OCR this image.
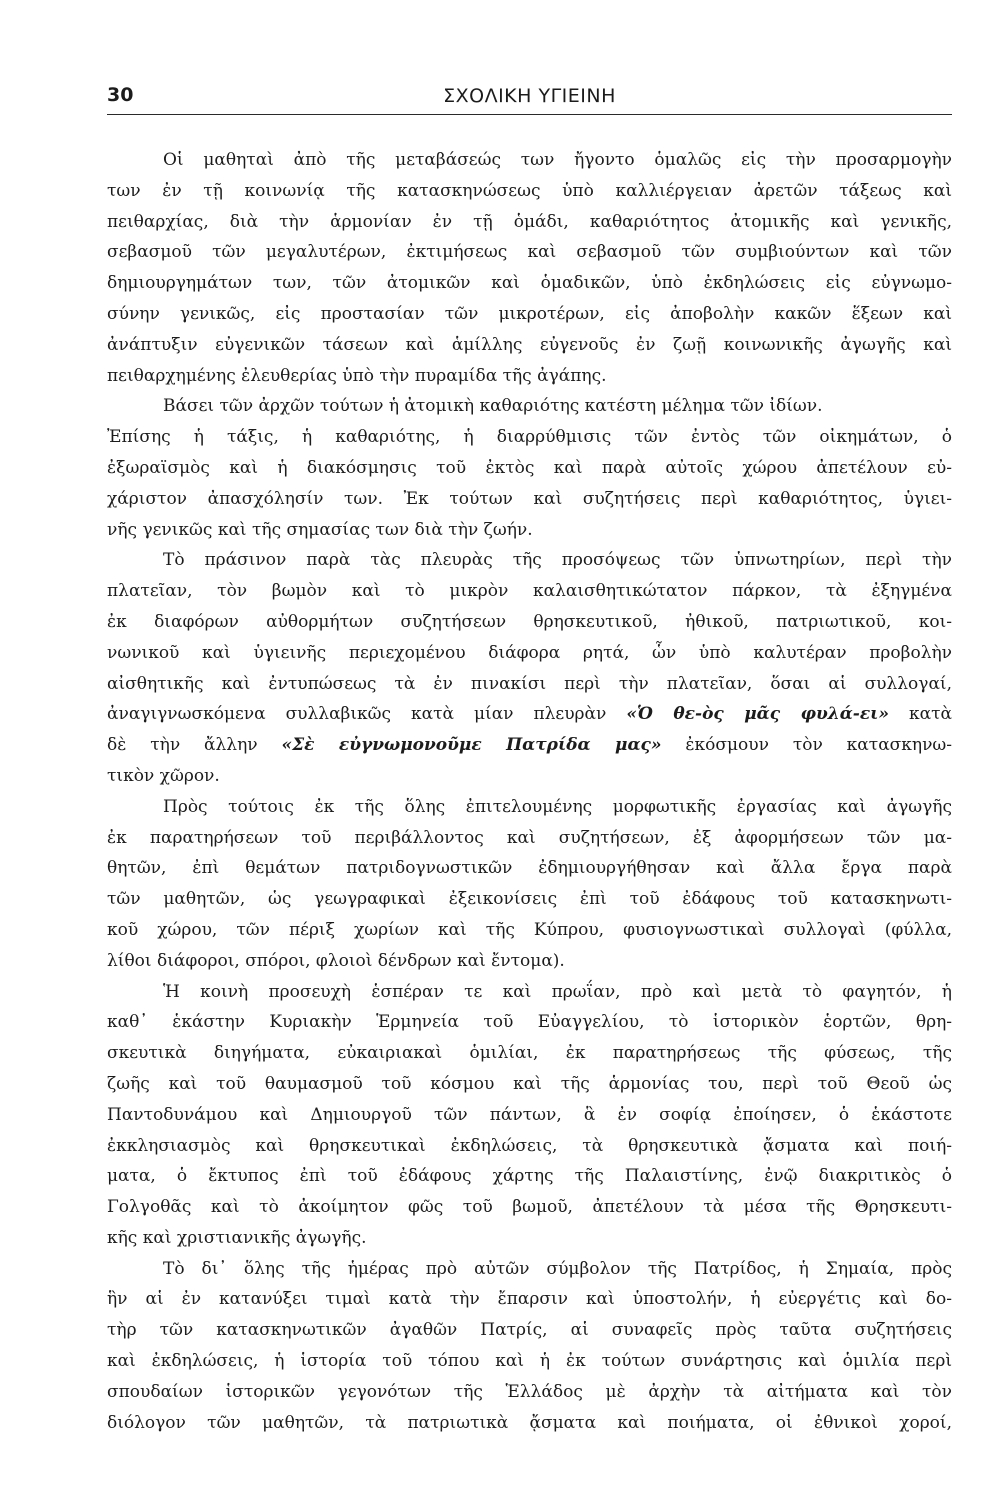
30	ΣΧΟΛΙΚΗ ΥΓΙΕΙΝΗ
Οἱ μαθηταὶ ἀπὸ τῆς μεταβάσεώς των ἤγοντο ὁμαλῶς εἰς τὴν προσαρμογὴν
των ἐν τῇ κοινωνίᾳ τῆς κατασκηνώσεως ὑπὸ καλλιέργειαν ἀρετῶν τάξεως καὶ
πειθαρχίας, διὰ τὴν ἁρμονίαν ἐν τῇ ὁμάδι, καθαριότητος ἀτομικῆς καὶ γενικῆς,
σεβασμοῦ τῶν μεγαλυτέρων, ἐκτιμήσεως καὶ σεβασμοῦ τῶν συμβιούντων καὶ τῶν
δημιουργημάτων των, τῶν ἀτομικῶν καὶ ὁμαδικῶν, ὑπὸ ἐκδηλώσεις εἰς εὐγνωμο-
σύνην γενικῶς, εἰς προστασίαν τῶν μικροτέρων, εἰς ἀποβολὴν κακῶν ἕξεων καὶ
ἀνάπτυξιν εὐγενικῶν τάσεων καὶ ἁμίλλης εὐγενοῦς ἐν ζωῇ κοινωνικῆς ἀγωγῆς καὶ
πειθαρχημένης ἐλευθερίας ὑπὸ τὴν πυραμίδα τῆς ἀγάπης.
Βάσει τῶν ἀρχῶν τούτων ἡ ἀτομικὴ καθαριότης κατέστη μέλημα τῶν ἰδίων.
Ἐπίσης ἡ τάξις, ἡ καθαριότης, ἡ διαρρύθμισις τῶν ἐντὸς τῶν οἰκημάτων, ὁ
ἐξωραϊσμὸς καὶ ἡ διακόσμησις τοῦ ἐκτὸς καὶ παρὰ αὐτοῖς χώρου ἀπετέλουν εὐ-
χάριστον ἀπασχόλησίν των. Ἐκ τούτων καὶ συζητήσεις περὶ καθαριότητος, ὑγιει-
νῆς γενικῶς καὶ τῆς σημασίας των διὰ τὴν ζωήν.
Τὸ πράσινον παρὰ τὰς πλευρὰς τῆς προσόψεως τῶν ὑπνωτηρίων, περὶ τὴν
πλατεῖαν, τὸν βωμὸν καὶ τὸ μικρὸν καλαισθητικώτατον πάρκον, τὰ ἐξηγμένα
ἐκ διαφόρων αὐθορμήτων συζητήσεων θρησκευτικοῦ, ἠθικοῦ, πατριωτικοῦ, κοι-
νωνικοῦ καὶ ὑγιεινῆς περιεχομένου διάφορα ρητά, ὧν ὑπὸ καλυτέραν προβολὴν
αἰσθητικῆς καὶ ἐντυπώσεως τὰ ἐν πινακίσι περὶ τὴν πλατεῖαν, ὅσαι αἱ συλλογαί,
ἀναγιγνωσκόμενα συλλαβικῶς κατὰ μίαν πλευρὰν «Ὁ θε-ὸς μᾶς φυλά-ει» κατὰ
δὲ τὴν ἄλλην «Σὲ εὐγνωμονοῦμε Πατρίδα μας» ἐκόσμουν τὸν κατασκηνω-
τικὸν χῶρον.
Πρὸς τούτοις ἐκ τῆς ὅλης ἐπιτελουμένης μορφωτικῆς ἐργασίας καὶ ἀγωγῆς
ἐκ παρατηρήσεων τοῦ περιβάλλοντος καὶ συζητήσεων, ἐξ ἀφορμήσεων τῶν μα-
θητῶν, ἐπὶ θεμάτων πατριδογνωστικῶν ἐδημιουργήθησαν καὶ ἄλλα ἔργα παρὰ
τῶν μαθητῶν, ὡς γεωγραφικαὶ ἐξεικονίσεις ἐπὶ τοῦ ἐδάφους τοῦ κατασκηνωτι-
κοῦ χώρου, τῶν πέριξ χωρίων καὶ τῆς Κύπρου, φυσιογνωστικαὶ συλλογαὶ (φύλλα,
λίθοι διάφοροι, σπόροι, φλοιοὶ δένδρων καὶ ἔντομα).
Ἡ κοινὴ προσευχὴ ἑσπέραν τε καὶ πρωΐαν, πρὸ καὶ μετὰ τὸ φαγητόν, ἡ
καθ᾽ ἑκάστην Κυριακὴν Ἑρμηνεία τοῦ Εὐαγγελίου, τὸ ἱστορικὸν ἑορτῶν, θρη-
σκευτικὰ διηγήματα, εὐκαιριακαὶ ὁμιλίαι, ἐκ παρατηρήσεως τῆς φύσεως, τῆς
ζωῆς καὶ τοῦ θαυμασμοῦ τοῦ κόσμου καὶ τῆς ἁρμονίας του, περὶ τοῦ Θεοῦ ὡς
Παντοδυνάμου καὶ Δημιουργοῦ τῶν πάντων, ἃ ἐν σοφίᾳ ἐποίησεν, ὁ ἑκάστοτε
ἐκκλησιασμὸς καὶ θρησκευτικαὶ ἐκδηλώσεις, τὰ θρησκευτικὰ ᾄσματα καὶ ποιή-
ματα, ὁ ἔκτυπος ἐπὶ τοῦ ἐδάφους χάρτης τῆς Παλαιστίνης, ἐνῷ διακριτικὸς ὁ
Γολγοθᾶς καὶ τὸ ἀκοίμητον φῶς τοῦ βωμοῦ, ἀπετέλουν τὰ μέσα τῆς Θρησκευτι-
κῆς καὶ χριστιανικῆς ἀγωγῆς.
Τὸ δι᾽ ὅλης τῆς ἡμέρας πρὸ αὐτῶν σύμβολον τῆς Πατρίδος, ἡ Σημαία, πρὸς
ἣν αἱ ἐν κατανύξει τιμαὶ κατὰ τὴν ἔπαρσιν καὶ ὑποστολήν, ἡ εὐεργέτις καὶ δο-
τὴρ τῶν κατασκηνωτικῶν ἀγαθῶν Πατρίς, αἱ συναφεῖς πρὸς ταῦτα συζητήσεις
καὶ ἐκδηλώσεις, ἡ ἱστορία τοῦ τόπου καὶ ἡ ἐκ τούτων συνάρτησις καὶ ὁμιλία περὶ
σπουδαίων ἱστορικῶν γεγονότων τῆς Ἑλλάδος μὲ ἀρχὴν τὰ αἰτήματα καὶ τὸν
διόλογον τῶν μαθητῶν, τὰ πατριωτικὰ ᾄσματα καὶ ποιήματα, οἱ ἐθνικοὶ χοροί,
